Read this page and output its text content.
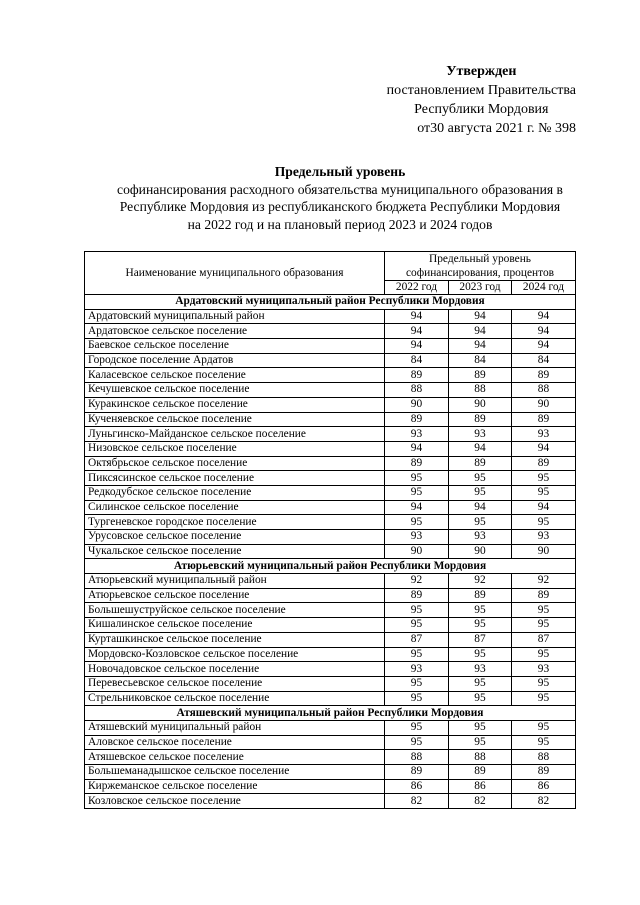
Утвержден
постановлением Правительства
Республики Мордовия
от30 августа 2021 г. № 398
Предельный уровень
софинансирования расходного обязательства муниципального образования в
Республике Мордовия из республиканского бюджета Республики Мордовия
на 2022 год и на плановый период 2023 и 2024 годов
Наименование муниципального образования	Предельный уровень
софинансирования, процентов		

	2022 год	2023 год	2024 год
Ардатовский муниципальный район Республики Мордовия			
Ардатовский муниципальный район	94	94	94
Ардатовское сельское поселение	94	94	94
Баевское сельское поселение	94	94	94
Городское поселение Ардатов	84	84	84
Каласевское сельское поселение	89	89	89
Кечушевское сельское поселение	88	88	88
Куракинское сельское поселение	90	90	90
Кученяевское сельское поселение	89	89	89
Луньгинско-Майданское сельское поселение	93	93	93
Низовское сельское поселение	94	94	94
Октябрьское сельское поселение	89	89	89
Пиксясинское сельское поселение	95	95	95
Редкодубское сельское поселение	95	95	95
Силинское сельское поселение	94	94	94
Тургеневское городское поселение	95	95	95
Урусовское сельское поселение	93	93	93
Чукальское сельское поселение	90	90	90
Атюрьевский муниципальный район Республики Мордовия			
Атюрьевский муниципальный район	92	92	92
Атюрьевское сельское поселение	89	89	89
Большешуструйское сельское поселение	95	95	95
Кишалинское сельское поселение	95	95	95
Курташкинское сельское поселение	87	87	87
Мордовско-Козловское сельское поселение	95	95	95
Новочадовское сельское поселение	93	93	93
Перевесьевское сельское поселение	95	95	95
Стрельниковское сельское поселение	95	95	95
Атяшевский муниципальный район Республики Мордовия			
Атяшевский муниципальный район	95	95	95
Аловское сельское поселение	95	95	95
Атяшевское сельское поселение	88	88	88
Большеманадышское сельское поселение	89	89	89
Киржеманское сельское поселение	86	86	86
Козловское сельское поселение	82	82	82
